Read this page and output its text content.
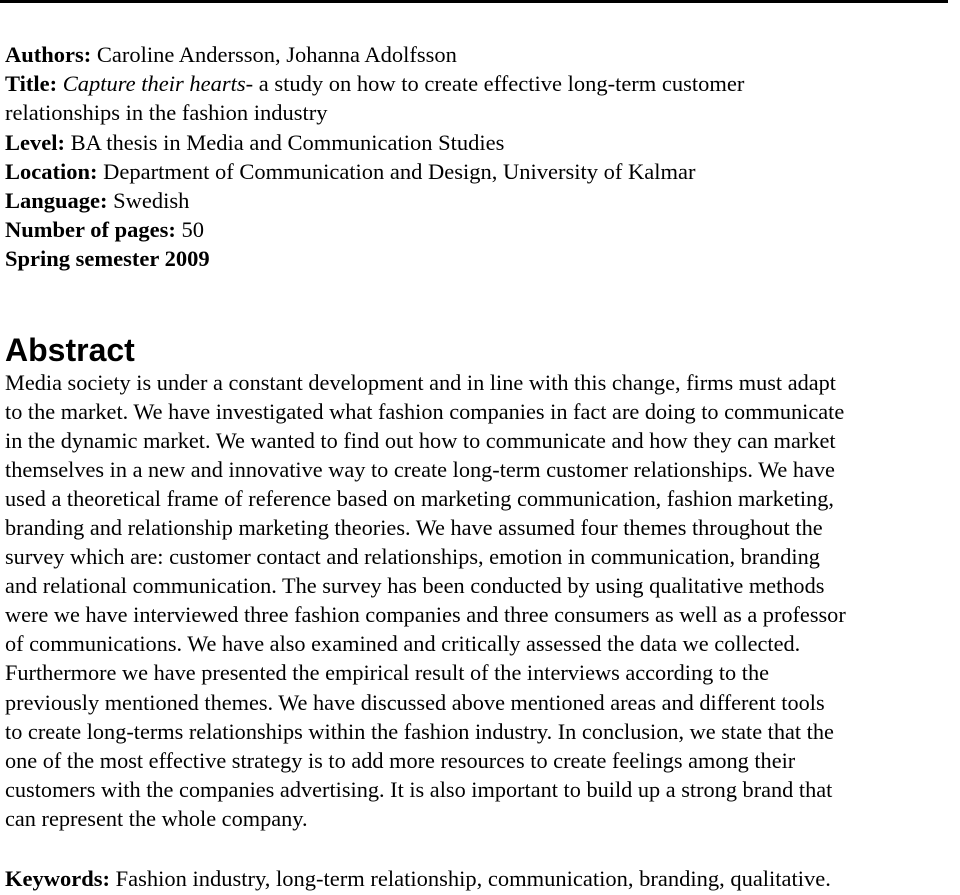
Authors: Caroline Andersson, Johanna Adolfsson
Title: Capture their hearts- a study on how to create effective long-term customer
relationships in the fashion industry
Level: BA thesis in Media and Communication Studies
Location: Department of Communication and Design, University of Kalmar
Language: Swedish
Number of pages: 50
Spring semester 2009
Abstract

Media society is under a constant development and in line with this change, firms must adapt
to the market. We have investigated what fashion companies in fact are doing to communicate
in the dynamic market. We wanted to find out how to communicate and how they can market
themselves in a new and innovative way to create long-term customer relationships. We have
used a theoretical frame of reference based on marketing communication, fashion marketing,
branding and relationship marketing theories. We have assumed four themes throughout the
survey which are: customer contact and relationships, emotion in communication, branding
and relational communication. The survey has been conducted by using qualitative methods
were we have interviewed three fashion companies and three consumers as well as a professor
of communications. We have also examined and critically assessed the data we collected.
Furthermore we have presented the empirical result of the interviews according to the
previously mentioned themes. We have discussed above mentioned areas and different tools
to create long-terms relationships within the fashion industry. In conclusion, we state that the
one of the most effective strategy is to add more resources to create feelings among their
customers with the companies advertising. It is also important to build up a strong brand that
can represent the whole company.

Keywords: Fashion industry, long-term relationship, communication, branding, qualitative.
